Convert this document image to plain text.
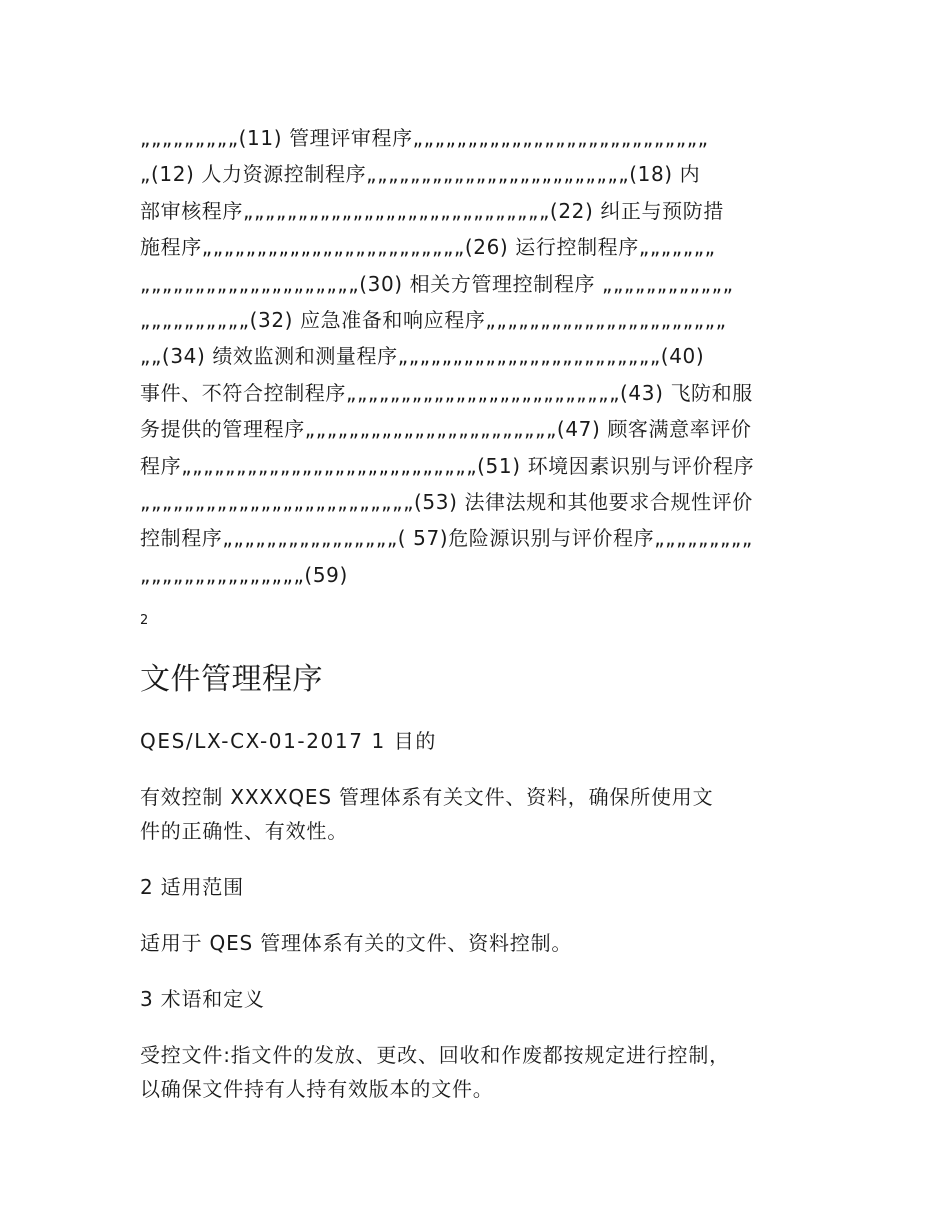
„„„„„„„„„(11) 管理评审程序„„„„„„„„„„„„„„„„„„„„„„„„„„„
„(12) 人力资源控制程序„„„„„„„„„„„„„„„„„„„„„„„„(18) 内
部审核程序„„„„„„„„„„„„„„„„„„„„„„„„„„„„(22) 纠正与预防措
施程序„„„„„„„„„„„„„„„„„„„„„„„„(26) 运行控制程序„„„„„„„
„„„„„„„„„„„„„„„„„„„„(30) 相关方管理控制程序 „„„„„„„„„„„„
„„„„„„„„„„(32) 应急准备和响应程序„„„„„„„„„„„„„„„„„„„„„„
„„(34) 绩效监测和测量程序„„„„„„„„„„„„„„„„„„„„„„„„(40)
事件、不符合控制程序„„„„„„„„„„„„„„„„„„„„„„„„„(43) 飞防和服
务提供的管理程序„„„„„„„„„„„„„„„„„„„„„„„(47) 顾客满意率评价
程序„„„„„„„„„„„„„„„„„„„„„„„„„„„(51) 环境因素识别与评价程序
„„„„„„„„„„„„„„„„„„„„„„„„„(53) 法律法规和其他要求合规性评价
控制程序„„„„„„„„„„„„„„„„( 57)危险源识别与评价程序„„„„„„„„„
„„„„„„„„„„„„„„„(59)
2
文件管理程序
QES/LX-CX-01-2017 1 目的
有效控制 XXXXQES 管理体系有关文件、资料，确保所使用文
件的正确性、有效性。
2 适用范围
适用于 QES 管理体系有关的文件、资料控制。
3 术语和定义
受控文件:指文件的发放、更改、回收和作废都按规定进行控制，
以确保文件持有人持有效版本的文件。
